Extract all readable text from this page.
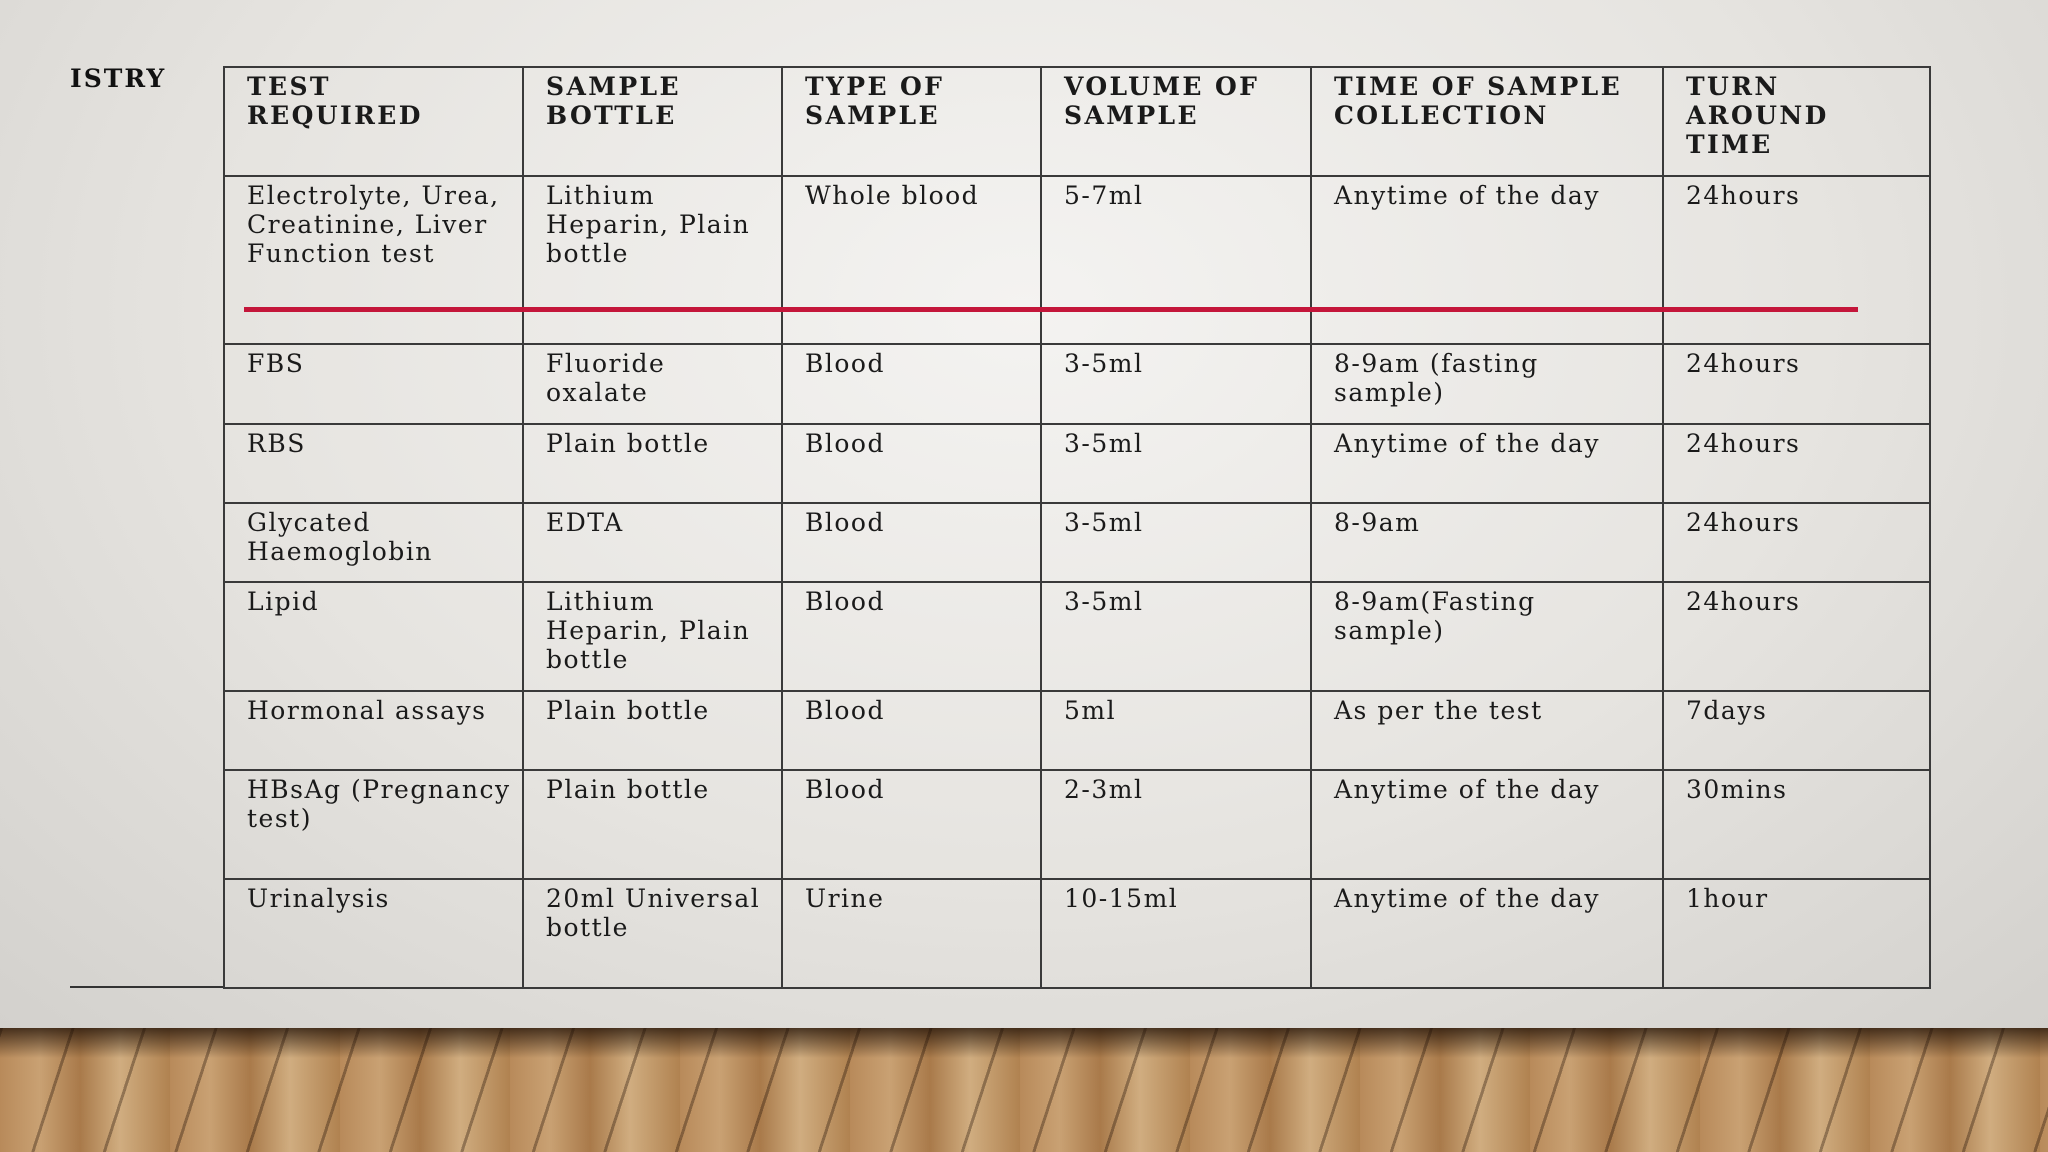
ISTRY	TEST REQUIRED	SAMPLE BOTTLE	TYPE OF SAMPLE	VOLUME OF SAMPLE	TIME OF SAMPLE COLLECTION	TURN AROUND TIME
Electrolyte, Urea, Creatinine, Liver Function test	Lithium Heparin, Plain bottle	Whole blood	5-7ml	Anytime of the day	24hours
FBS	Fluoride oxalate	Blood	3-5ml	8-9am (fasting sample)	24hours
RBS	Plain bottle	Blood	3-5ml	Anytime of the day	24hours
Glycated Haemoglobin	EDTA	Blood	3-5ml	8-9am	24hours
Lipid	Lithium Heparin, Plain bottle	Blood	3-5ml	8-9am(Fasting sample)	24hours
Hormonal assays	Plain bottle	Blood	5ml	As per the test	7days
HBsAg (Pregnancy test)	Plain bottle	Blood	2-3ml	Anytime of the day	30mins
Urinalysis	20ml Universal bottle	Urine	10-15ml	Anytime of the day	1hour
